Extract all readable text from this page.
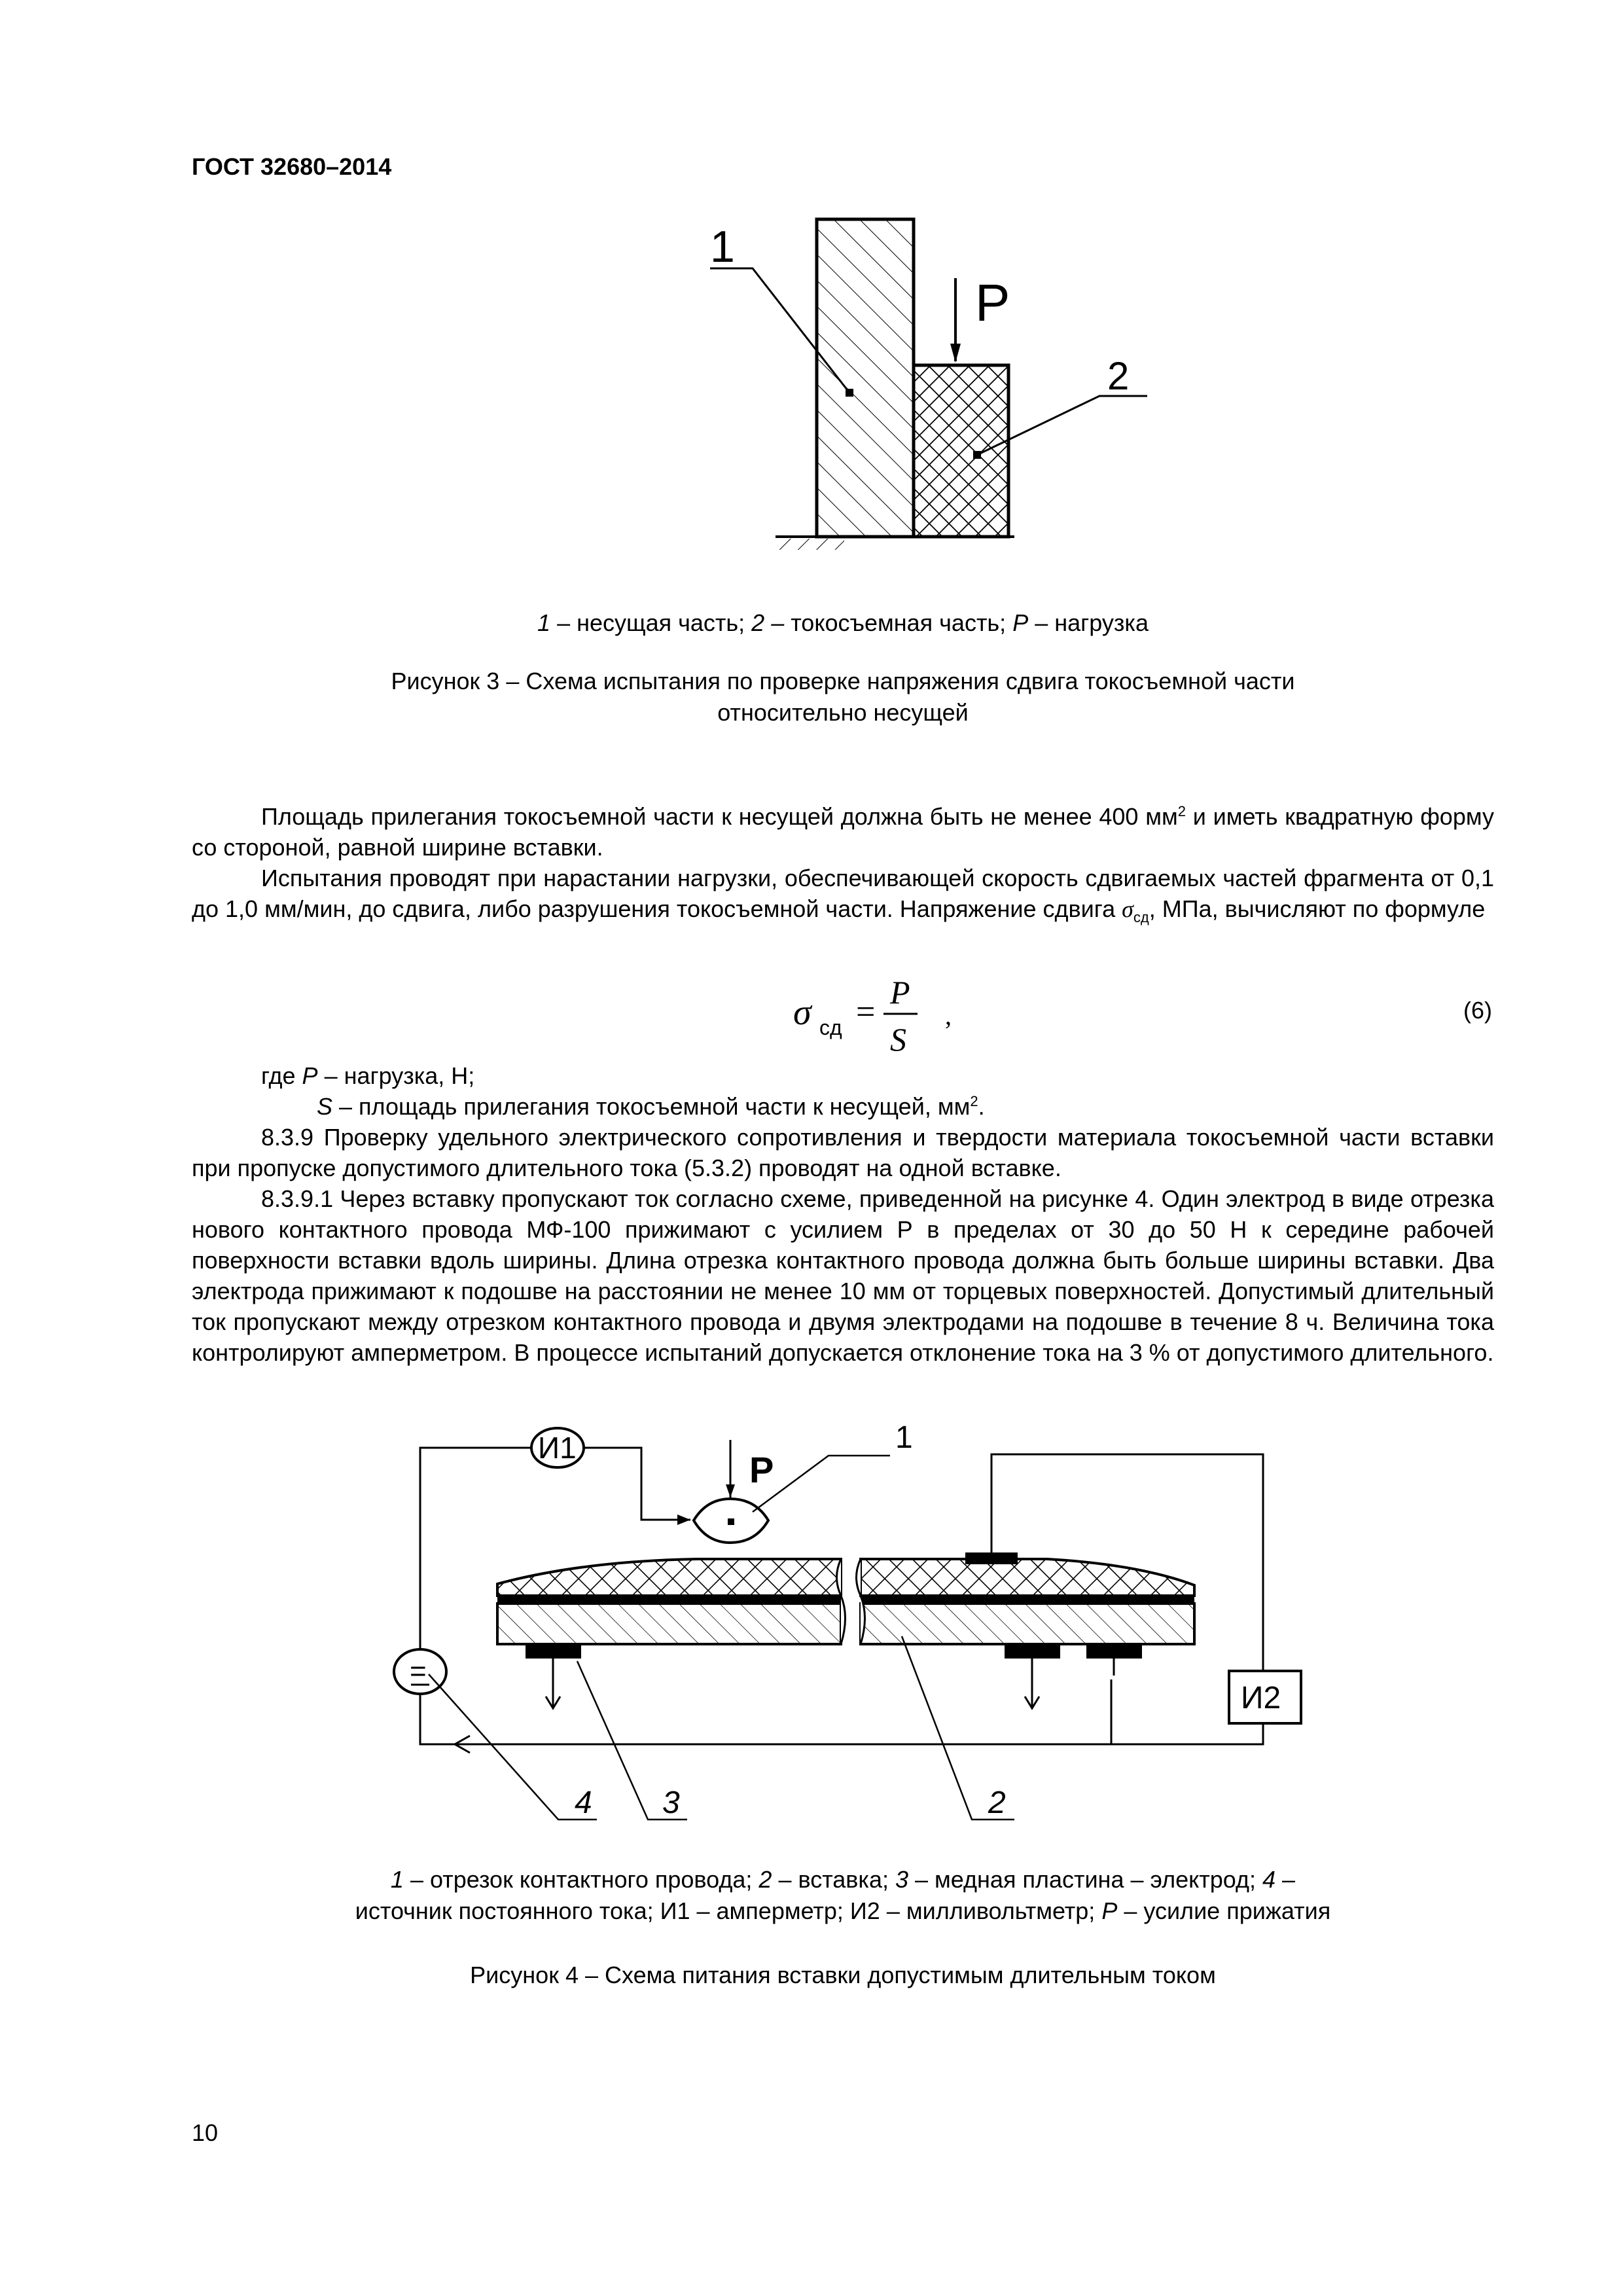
ГОСТ 32680–2014
P
1
2
1 – несущая часть; 2 – токосъемная часть; P – нагрузка
Рисунок 3 – Схема испытания по проверке напряжения сдвига токосъемной части
относительно несущей
Площадь прилегания токосъемной части к несущей должна быть не менее 400 $мм^2$ и иметь квадратную форму со стороной, равной ширине вставки.
Испытания проводят при нарастании нагрузки, обеспечивающей скорость сдвигаемых частей фрагмента от 0,1 до 1,0 мм/мин, до сдвига, либо разрушения токосъемной части. Напряжение сдвига $\sigma_{сд}$, МПа, вычисляют по формуле
σ сд =
P
S
,	(6)
где P – нагрузка, Н;
S – площадь прилегания токосъемной части к несущей, $мм^2$.
8.3.9 Проверку удельного электрического сопротивления и твердости материала токосъемной части вставки при пропуске допустимого длительного тока (5.3.2) проводят на одной вставке.
8.3.9.1 Через вставку пропускают ток согласно схеме, приведенной на рисунке 4. Один электрод в виде отрезка нового контактного провода МФ-100 прижимают с усилием Р в пределах от 30 до 50 Н к середине рабочей поверхности вставки вдоль ширины. Длина отрезка контактного провода должна быть больше ширины вставки. Два электрода прижимают к подошве на расстоянии не менее 10 мм от торцевых поверхностей. Допустимый длительный ток пропускают между отрезком контактного провода и двумя электродами на подошве в течение 8 ч. Величина тока контролируют амперметром. В процессе испытаний допускается отклонение тока на 3 % от допустимого длительного.
И1
=
И2
P
1
4 3	2
1 – отрезок контактного провода; 2 – вставка; 3 – медная пластина – электрод; 4 –
источник постоянного тока; И1 – амперметр; И2 – милливольтметр; P – усилие прижатия
Рисунок 4 – Схема питания вставки допустимым длительным током
10
